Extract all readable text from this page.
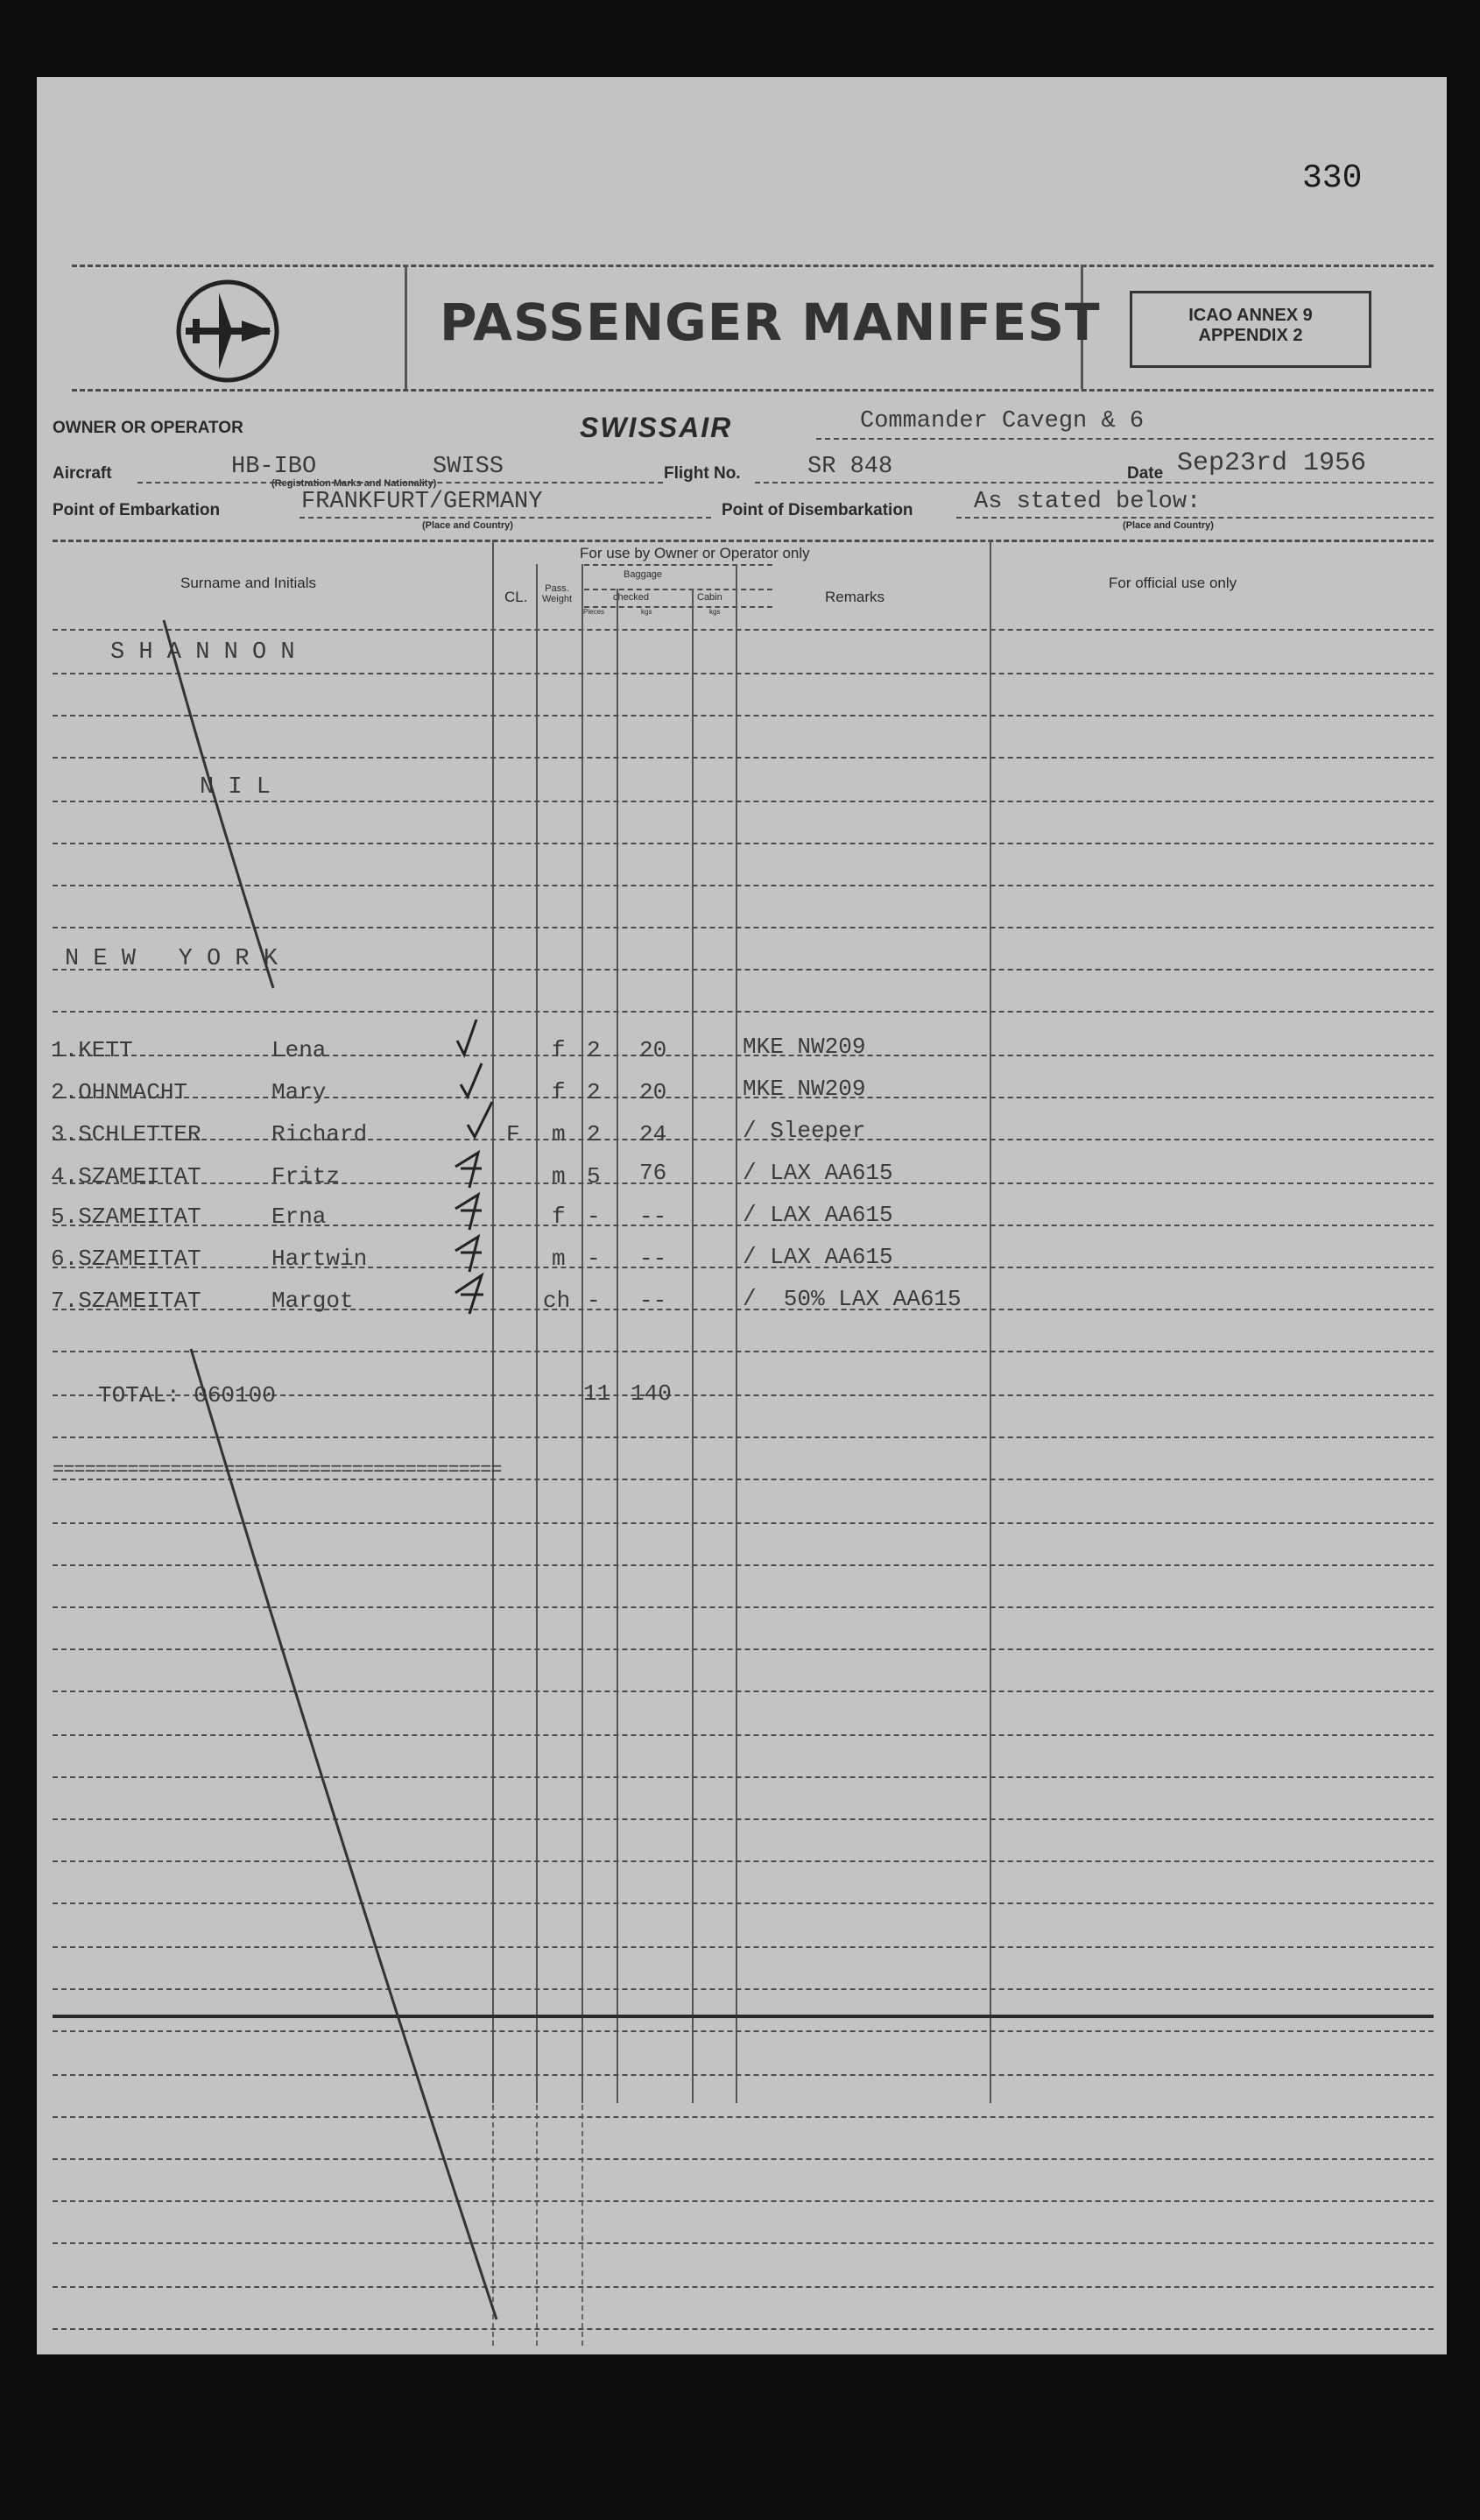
330
PASSENGER MANIFEST	ICAO ANNEX 9
APPENDIX 2
OWNER OR OPERATOR	SWISSAIR	Commander Cavegn & 6
Aircraft	HB-IBO	SWISS
(Registration Marks and Nationality)
Flight No.	SR 848	Date Sep23rd 1956
Point of Embarkation	FRANKFURT/GERMANY
(Place and Country)
Point of Disembarkation	As stated below:
(Place and Country)
For use by Owner or Operator only
Surname and Initials	For official use only
CL.	Pass. Weight
Baggage
checked	Cabin
Pieces	kgs	kgs
Remarks
S H A N N O N
N I L
N E W   Y O R K
1.KETT	Lena	f 2 20	MKE NW209
2.OHNMACHT	Mary	f 2 20	MKE NW209
3.SCHLETTER	Richard	F m 2 24	/ Sleeper
4.SZAMEITAT	Fritz	m 5 76	/ LAX AA615
5.SZAMEITAT	Erna	f - --	/ LAX AA615
6.SZAMEITAT	Hartwin	m - --	/ LAX AA615
7.SZAMEITAT	Margot	ch - --	/  50% LAX AA615
TOTAL: 060100	11 140
==========================================
